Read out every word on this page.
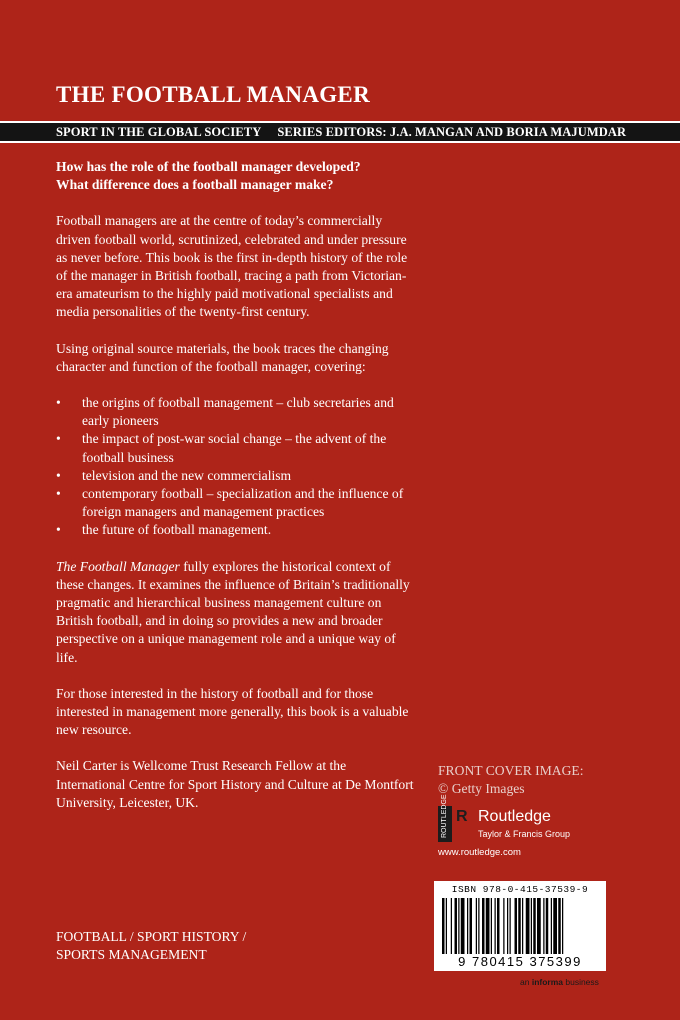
THE FOOTBALL MANAGER
SPORT IN THE GLOBAL SOCIETY SERIES EDITORS: J.A. MANGAN AND BORIA MAJUMDAR
How has the role of the football manager developed?
What difference does a football manager make?

Football managers are at the centre of today’s commercially driven football world, scrutinized, celebrated and under pressure as never before. This book is the first in-depth history of the role of the manager in British football, tracing a path from Victorian-era amateurism to the highly paid motivational specialists and media personalities of the twenty-first century.

Using original source materials, the book traces the changing character and function of the football manager, covering:

• the origins of football management – club secretaries and early pioneers
• the impact of post-war social change – the advent of the football business
• television and the new commercialism
• contemporary football – specialization and the influence of foreign managers and management practices
• the future of football management.

The Football Manager fully explores the historical context of these changes. It examines the influence of Britain’s traditionally pragmatic and hierarchical business management culture on British football, and in doing so provides a new and broader perspective on a unique management role and a unique way of life.

For those interested in the history of football and for those interested in management more generally, this book is a valuable new resource.

Neil Carter is Wellcome Trust Research Fellow at the International Centre for Sport History and Culture at De Montfort University, Leicester, UK.

FOOTBALL / SPORT HISTORY /
SPORTS MANAGEMENT
FRONT COVER IMAGE:
© Getty Images
ROUTLEDGE R Routledge
Taylor & Francis Group
www.routledge.com
ISBN 978-0-415-37539-9
9 780415 375399
an informa business
